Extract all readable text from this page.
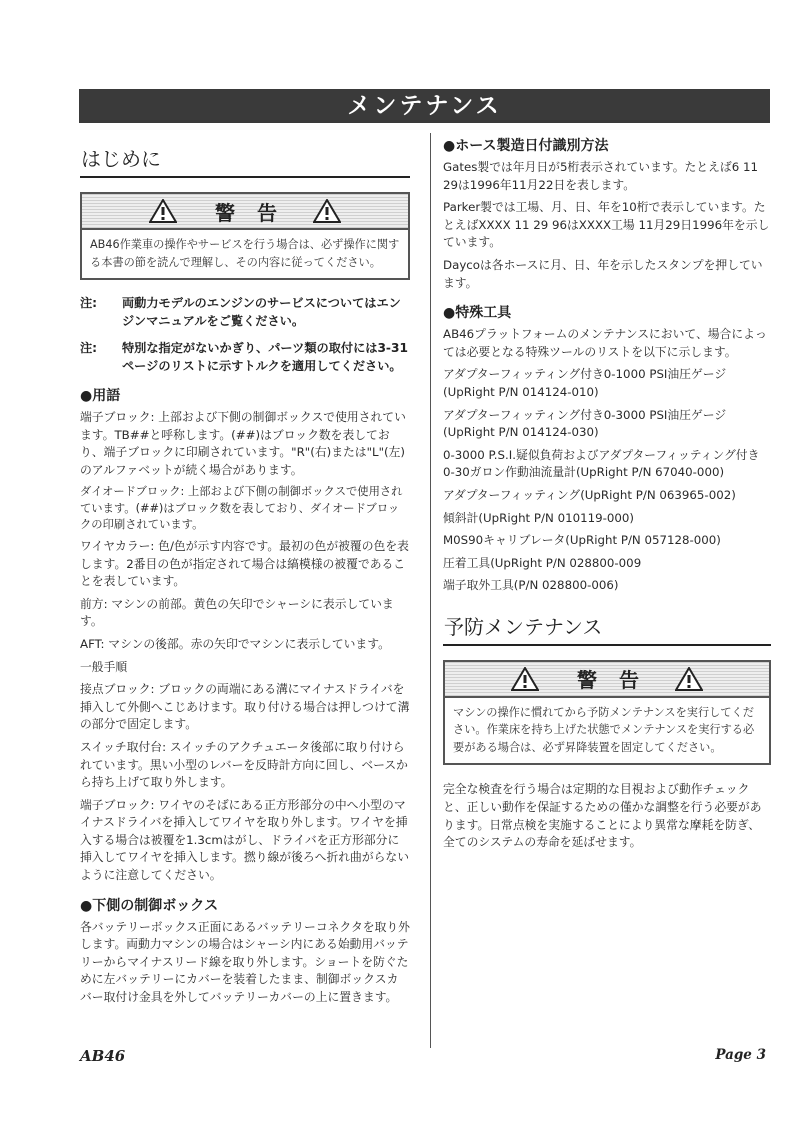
メンテナンス
はじめに
警告
AB46作業車の操作やサービスを行う場合は、必ず操作に関する本書の節を読んで理解し、その内容に従ってください。
注:	両動力モデルのエンジンのサービスについてはエンジンマニュアルをご覧ください。
注:	特別な指定がないかぎり、パーツ類の取付には3-31ページのリストに示すトルクを適用してください。
●用語
端子ブロック: 上部および下側の制御ボックスで使用されています。TB##と呼称します。(##)はブロック数を表しており、端子ブロックに印刷されています。"R"(右)または"L"(左)のアルファベットが続く場合があります。
ダイオードブロック: 上部および下側の制御ボックスで使用されています。(##)はブロック数を表しており、ダイオードブロックの印刷されています。
ワイヤカラー: 色/色が示す内容です。最初の色が被覆の色を表します。2番目の色が指定されて場合は縞模様の被覆であることを表しています。
前方: マシンの前部。黄色の矢印でシャーシに表示しています。
AFT: マシンの後部。赤の矢印でマシンに表示しています。
一般手順
接点ブロック: ブロックの両端にある溝にマイナスドライバを挿入して外側へこじあけます。取り付ける場合は押しつけて溝の部分で固定します。
スイッチ取付台: スイッチのアクチュエータ後部に取り付けられています。黒い小型のレバーを反時計方向に回し、ベースから持ち上げて取り外します。
端子ブロック: ワイヤのそばにある正方形部分の中へ小型のマイナスドライバを挿入してワイヤを取り外します。ワイヤを挿入する場合は被覆を1.3cmはがし、ドライバを正方形部分に挿入してワイヤを挿入します。撚り線が後ろへ折れ曲がらないように注意してください。
●下側の制御ボックス
各バッテリーボックス正面にあるバッテリーコネクタを取り外します。両動力マシンの場合はシャーシ内にある始動用バッテリーからマイナスリード線を取り外します。ショートを防ぐために左バッテリーにカバーを装着したまま、制御ボックスカバー取付け金具を外してバッテリーカバーの上に置きます。
●ホース製造日付識別方法
Gates製では年月日が5桁表示されています。たとえば6 11 29は1996年11月22日を表します。
Parker製では工場、月、日、年を10桁で表示しています。たとえばXXXX 11 29 96はXXXX工場 11月29日1996年を示しています。
Daycoは各ホースに月、日、年を示したスタンプを押しています。
●特殊工具
AB46プラットフォームのメンテナンスにおいて、場合によっては必要となる特殊ツールのリストを以下に示します。
アダプターフィッティング付き0-1000 PSI油圧ゲージ(UpRight P/N 014124-010)
アダプターフィッティング付き0-3000 PSI油圧ゲージ(UpRight P/N 014124-030)
0-3000 P.S.I.疑似負荷およびアダプターフィッティング付き0-30ガロン作動油流量計(UpRight P/N 67040-000)
アダプターフィッティング(UpRight P/N 063965-002)
傾斜計(UpRight P/N 010119-000)
M0S90キャリブレータ(UpRight P/N 057128-000)
圧着工具(UpRight P/N 028800-009
端子取外工具(P/N 028800-006)
予防メンテナンス
警告
マシンの操作に慣れてから予防メンテナンスを実行してください。作業床を持ち上げた状態でメンテナンスを実行する必要がある場合は、必ず昇降装置を固定してください。
完全な検査を行う場合は定期的な目視および動作チェックと、正しい動作を保証するための僅かな調整を行う必要があります。日常点検を実施することにより異常な摩耗を防ぎ、全てのシステムの寿命を延ばせます。
AB46	Page 3
